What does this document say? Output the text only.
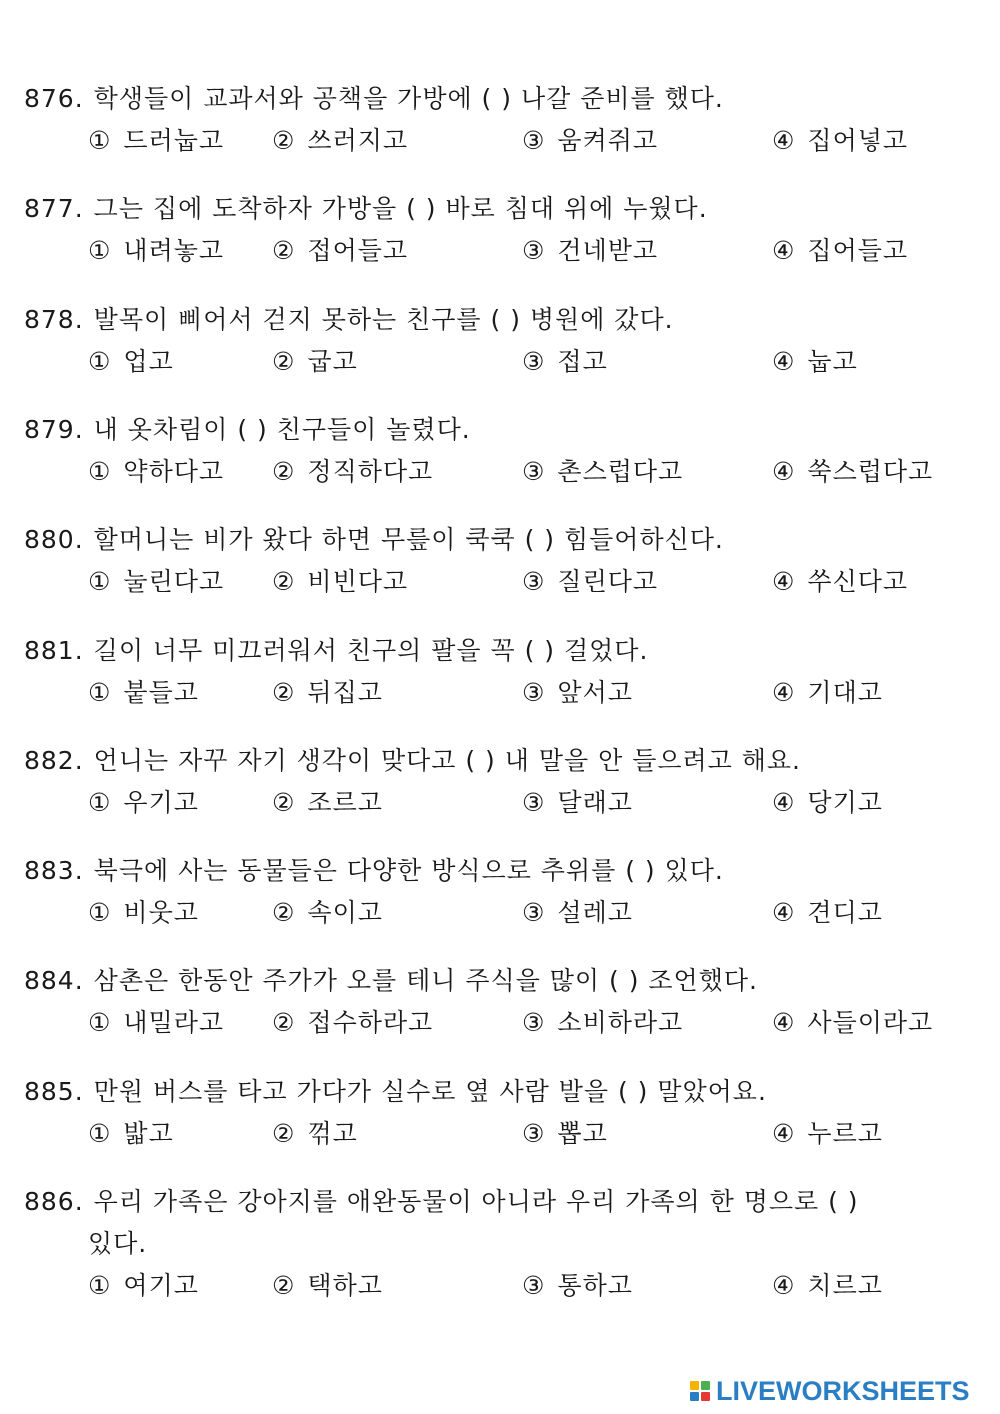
876. 학생들이 교과서와 공책을 가방에 ( ) 나갈 준비를 했다.
① 드러눕고 ② 쓰러지고	③ 움켜쥐고	④ 집어넣고
877. 그는 집에 도착하자 가방을 ( ) 바로 침대 위에 누웠다.
① 내려놓고 ② 접어들고	③ 건네받고	④ 집어들고
878. 발목이 삐어서 걷지 못하는 친구를 ( ) 병원에 갔다.
① 업고	② 굽고	③ 접고	④ 눕고
879. 내 옷차림이 ( ) 친구들이 놀렸다.
① 약하다고 ② 정직하다고	③ 촌스럽다고	④ 쑥스럽다고
880. 할머니는 비가 왔다 하면 무릎이 쿡쿡 ( ) 힘들어하신다.
① 눌린다고 ② 비빈다고	③ 질린다고	④ 쑤신다고
881. 길이 너무 미끄러워서 친구의 팔을 꼭 ( ) 걸었다.
① 붙들고	② 뒤집고	③ 앞서고	④ 기대고
882. 언니는 자꾸 자기 생각이 맞다고 ( ) 내 말을 안 들으려고 해요.
① 우기고	② 조르고	③ 달래고	④ 당기고
883. 북극에 사는 동물들은 다양한 방식으로 추위를 ( ) 있다.
① 비웃고	② 속이고	③ 설레고	④ 견디고
884. 삼촌은 한동안 주가가 오를 테니 주식을 많이 ( ) 조언했다.
① 내밀라고 ② 접수하라고	③ 소비하라고	④ 사들이라고
885. 만원 버스를 타고 가다가 실수로 옆 사람 발을 ( ) 말았어요.
① 밟고	② 꺾고	③ 뽑고	④ 누르고
886. 우리 가족은 강아지를 애완동물이 아니라 우리 가족의 한 명으로 ( )
있다.
① 여기고	② 택하고	③ 통하고	④ 치르고
LIVEWORKSHEETS
